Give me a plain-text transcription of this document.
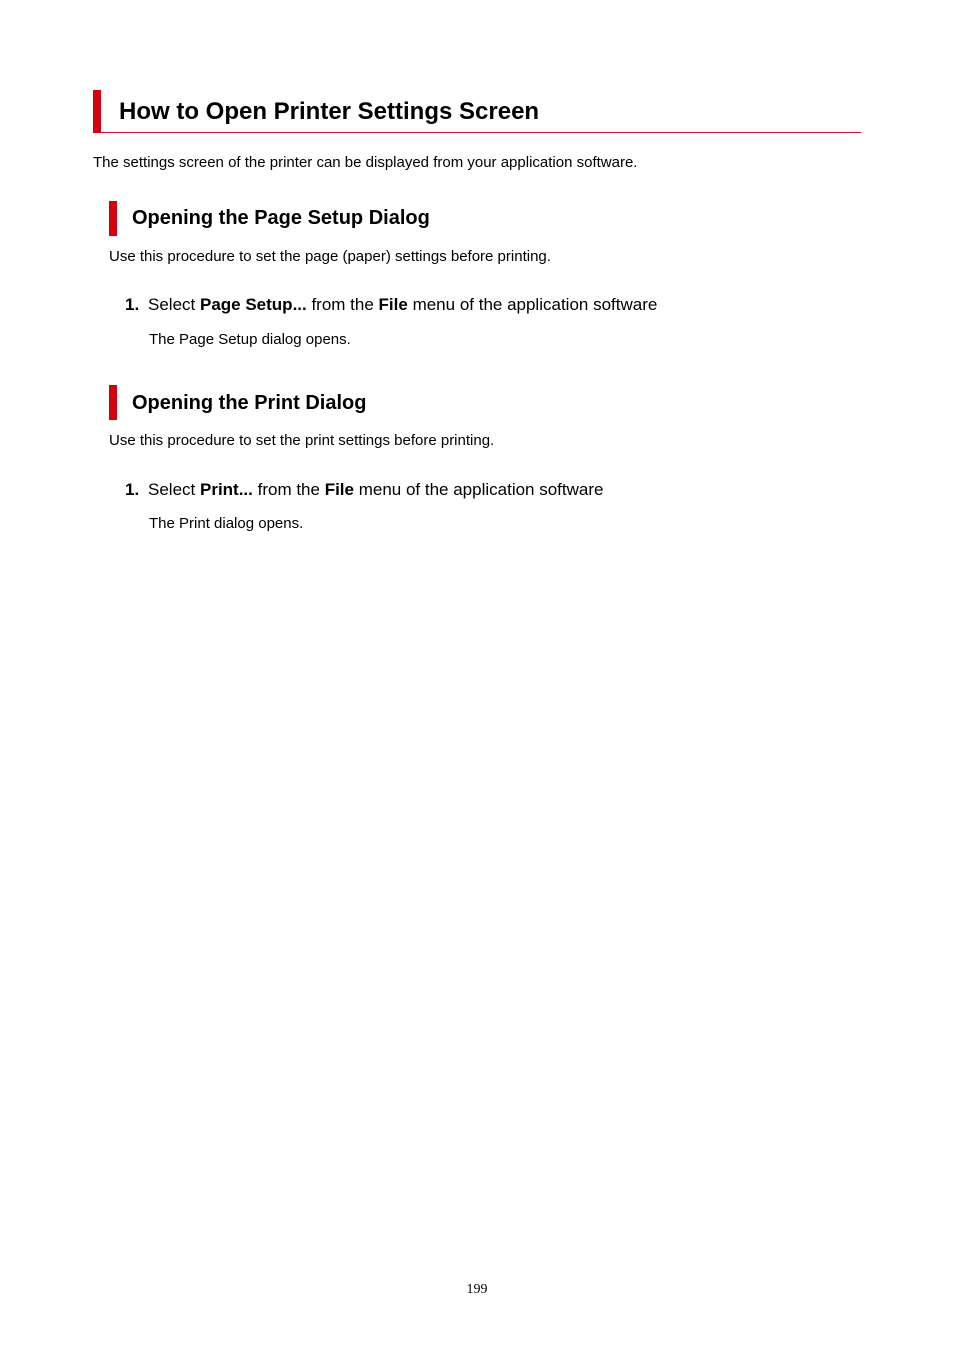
How to Open Printer Settings Screen

The settings screen of the printer can be displayed from your application software.

Opening the Page Setup Dialog

Use this procedure to set the page (paper) settings before printing.

1. Select Page Setup... from the File menu of the application software

The Page Setup dialog opens.

Opening the Print Dialog

Use this procedure to set the print settings before printing.

1. Select Print... from the File menu of the application software

The Print dialog opens.

199
